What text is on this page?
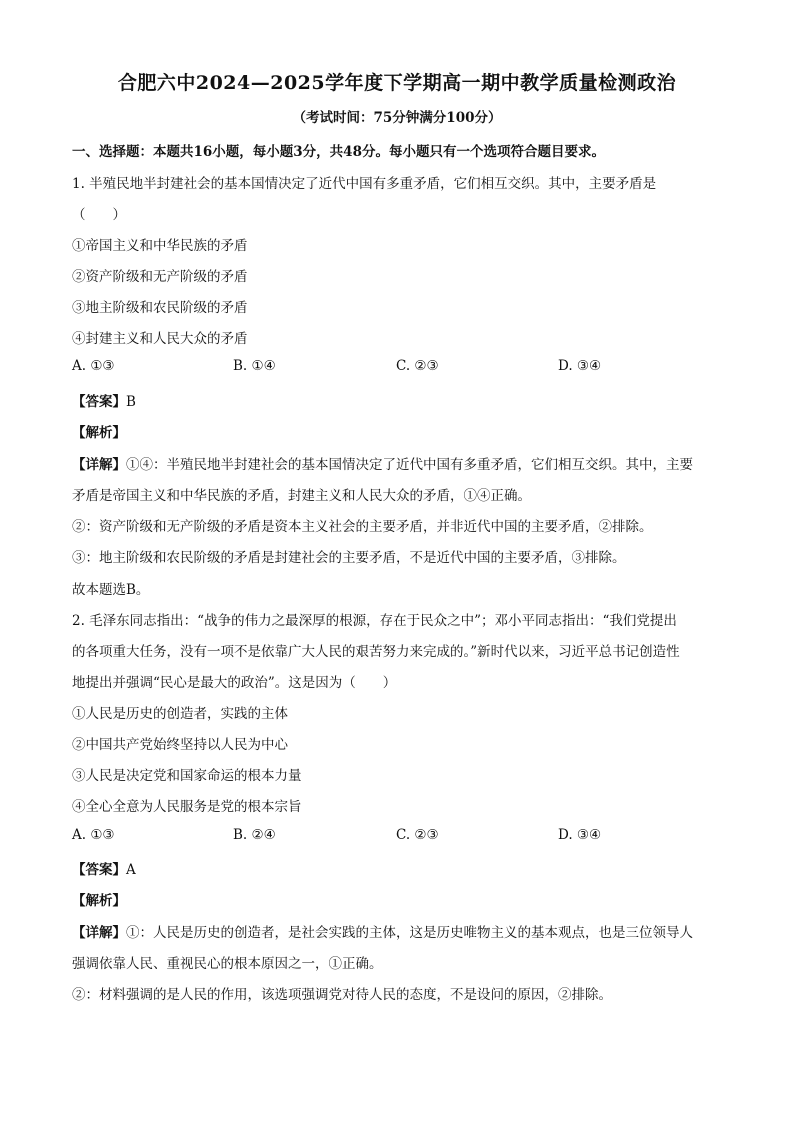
合肥六中2024—2025学年度下学期高一期中教学质量检测政治
（考试时间：75分钟满分100分）
一、选择题：本题共16小题，每小题3分，共48分。每小题只有一个选项符合题目要求。
1. 半殖民地半封建社会的基本国情决定了近代中国有多重矛盾，它们相互交织。其中，主要矛盾是
（　　）
①帝国主义和中华民族的矛盾
②资产阶级和无产阶级的矛盾
③地主阶级和农民阶级的矛盾
④封建主义和人民大众的矛盾
A. ①③	B. ①④	C. ②③	D. ③④
【答案】B
【解析】
【详解】①④：半殖民地半封建社会的基本国情决定了近代中国有多重矛盾，它们相互交织。其中，主要
矛盾是帝国主义和中华民族的矛盾，封建主义和人民大众的矛盾，①④正确。
②：资产阶级和无产阶级的矛盾是资本主义社会的主要矛盾，并非近代中国的主要矛盾，②排除。
③：地主阶级和农民阶级的矛盾是封建社会的主要矛盾，不是近代中国的主要矛盾，③排除。
故本题选B。
2. 毛泽东同志指出：“战争的伟力之最深厚的根源，存在于民众之中”；邓小平同志指出：“我们党提出
的各项重大任务，没有一项不是依靠广大人民的艰苦努力来完成的。”新时代以来，习近平总书记创造性
地提出并强调“民心是最大的政治”。这是因为（　　）
①人民是历史的创造者，实践的主体
②中国共产党始终坚持以人民为中心
③人民是决定党和国家命运的根本力量
④全心全意为人民服务是党的根本宗旨
A. ①③	B. ②④	C. ②③	D. ③④
【答案】A
【解析】
【详解】①：人民是历史的创造者，是社会实践的主体，这是历史唯物主义的基本观点，也是三位领导人
强调依靠人民、重视民心的根本原因之一，①正确。
②：材料强调的是人民的作用，该选项强调党对待人民的态度，不是设问的原因，②排除。
